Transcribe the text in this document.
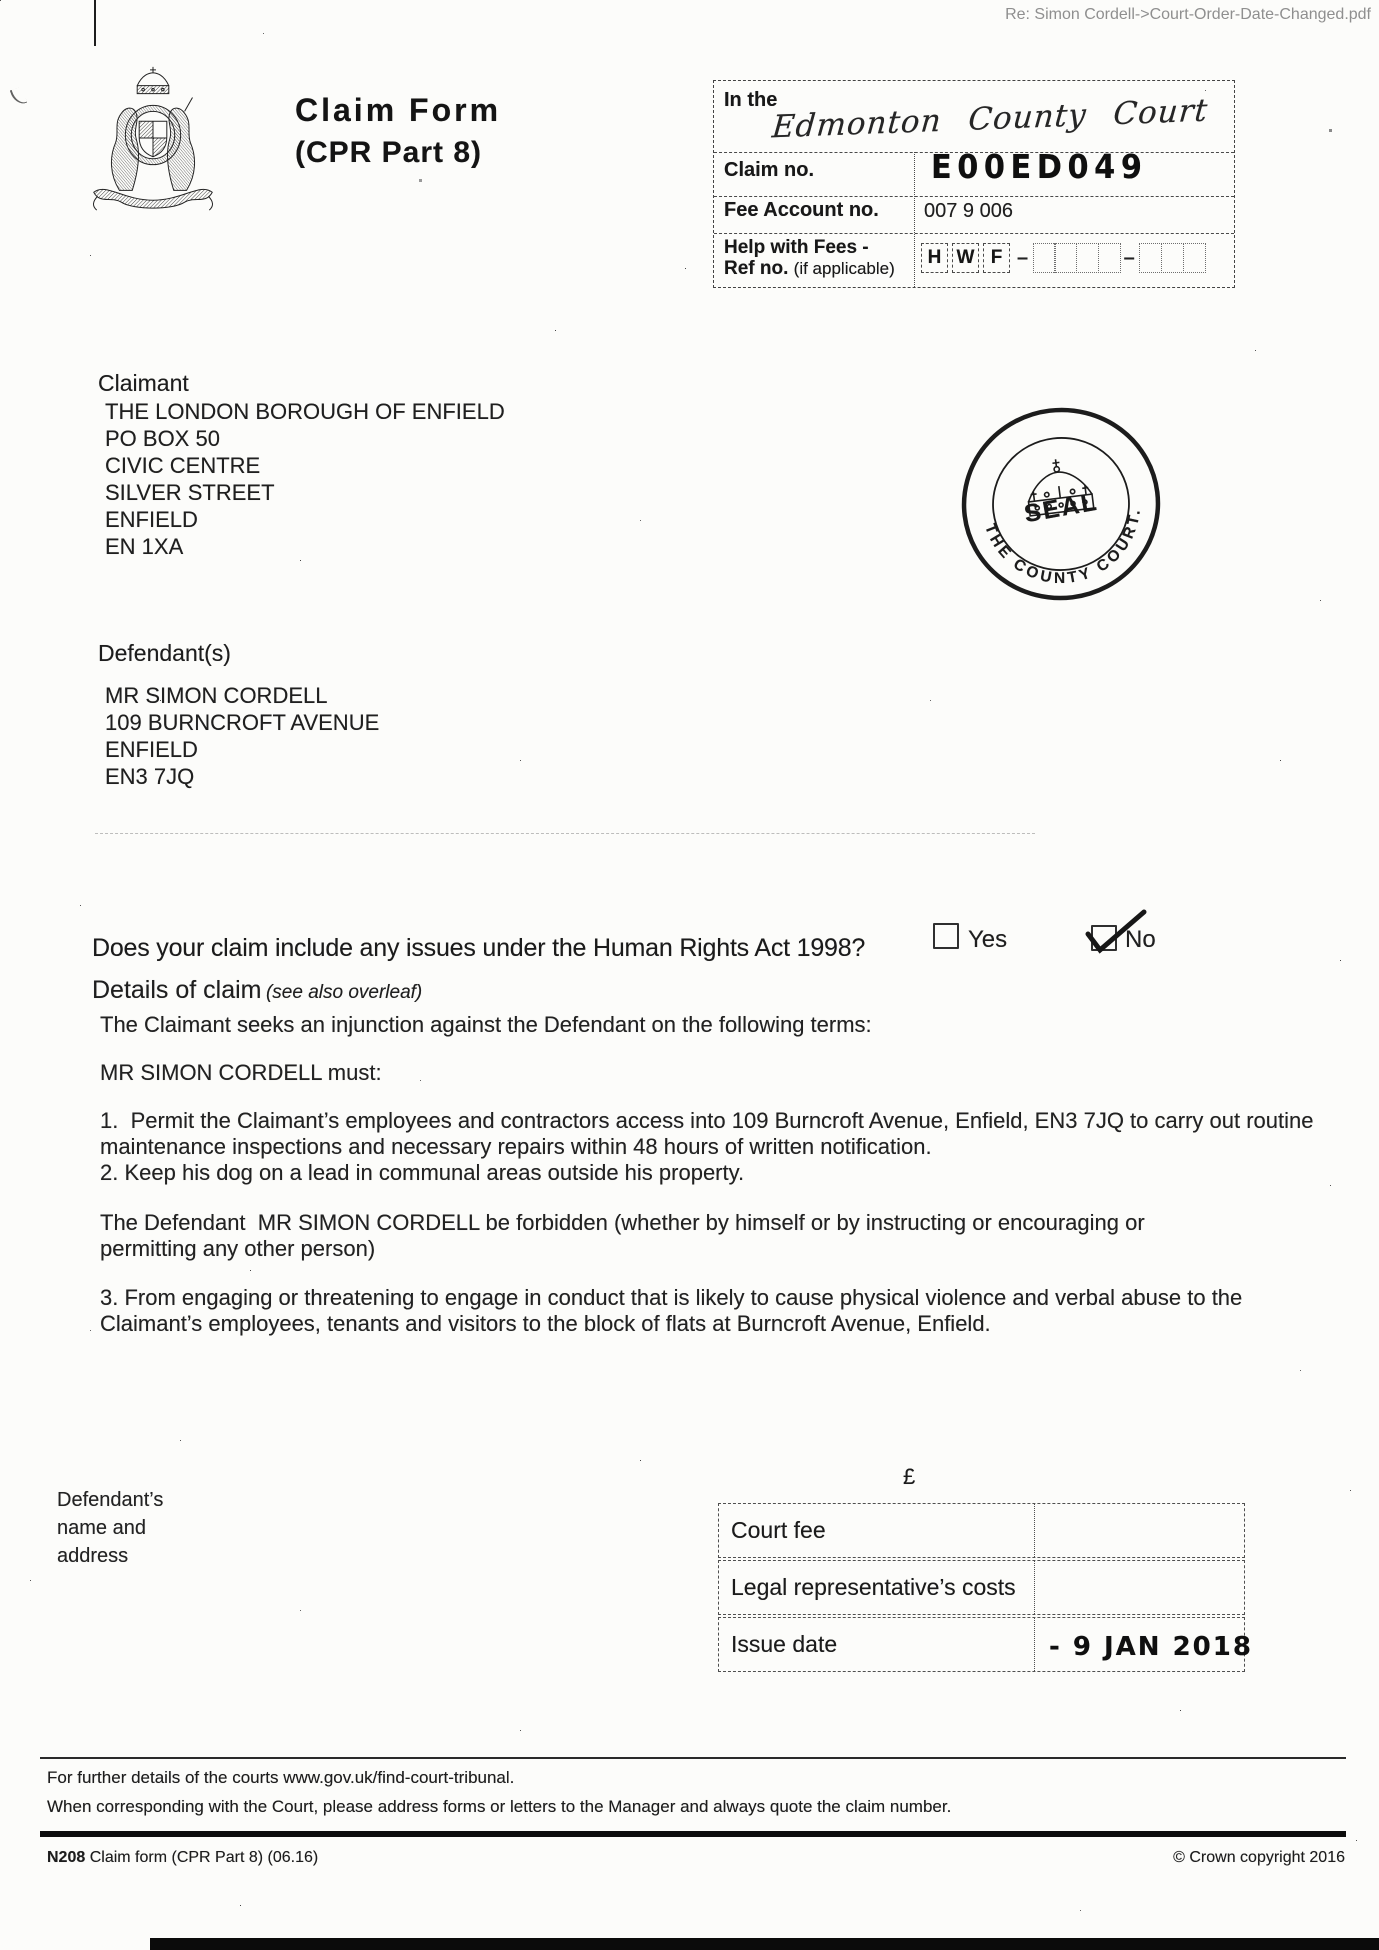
Re: Simon Cordell->Court-Order-Date-Changed.pdf
Claim Form
(CPR Part 8)
In the
Edmonton County Court
Claim no.	E00ED049
Fee Account no. 007 9 006
Help with Fees -
Ref no. (if applicable)
H W F –	–
Claimant
THE LONDON BOROUGH OF ENFIELD
PO BOX 50
CIVIC CENTRE
SILVER STREET
ENFIELD
EN 1XA
SEAL
THE COUNTY COURT.
Defendant(s)
MR SIMON CORDELL
109 BURNCROFT AVENUE
ENFIELD
EN3 7JQ
Does your claim include any issues under the Human Rights Act 1998?	Yes	No
Details of claim (see also overleaf)
The Claimant seeks an injunction against the Defendant on the following terms:
MR SIMON CORDELL must:
1.  Permit the Claimant’s employees and contractors access into 109 Burncroft Avenue, Enfield, EN3 7JQ to carry out routine maintenance inspections and necessary repairs within 48 hours of written notification.
2. Keep his dog on a lead in communal areas outside his property.
The Defendant  MR SIMON CORDELL be forbidden (whether by himself or by instructing or encouraging or permitting any other person)
3. From engaging or threatening to engage in conduct that is likely to cause physical violence and verbal abuse to the Claimant’s employees, tenants and visitors to the block of flats at Burncroft Avenue, Enfield.
Defendant’s
name and
address
£
Court fee
Legal representative’s costs
Issue date	- 9 JAN 2018
For further details of the courts www.gov.uk/find-court-tribunal.
When corresponding with the Court, please address forms or letters to the Manager and always quote the claim number.
N208 Claim form (CPR Part 8) (06.16)	© Crown copyright 2016
